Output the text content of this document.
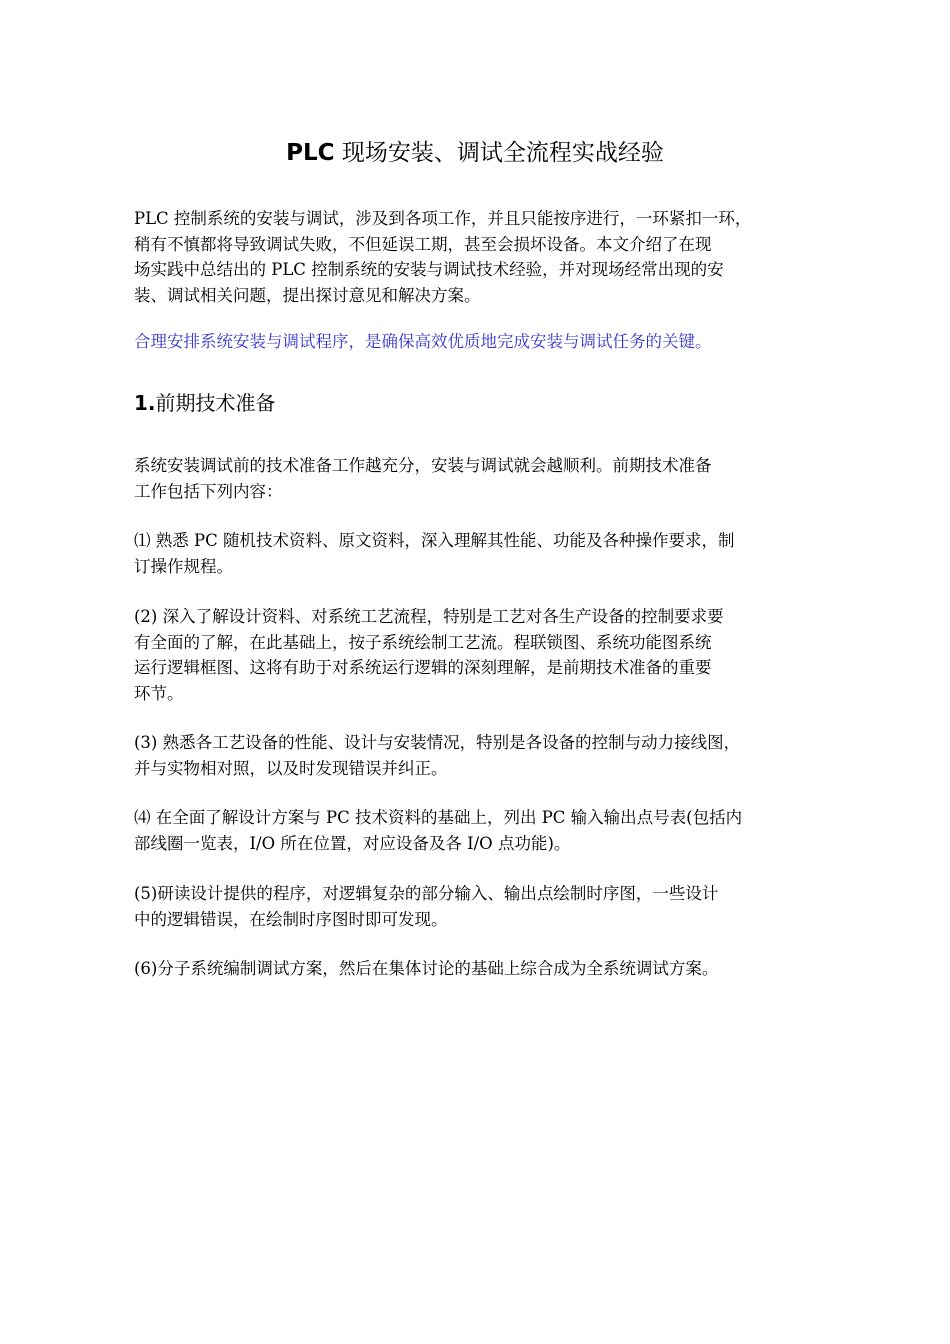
PLC 现场安装、调试全流程实战经验

PLC 控制系统的安装与调试，涉及到各项工作，并且只能按序进行，一环紧扣一环，
稍有不慎都将导致调试失败，不但延误工期，甚至会损坏设备。本文介绍了在现
场实践中总结出的 PLC 控制系统的安装与调试技术经验，并对现场经常出现的安
装、调试相关问题，提出探讨意见和解决方案。

合理安排系统安装与调试程序，是确保高效优质地完成安装与调试任务的关键。

1.前期技术准备

系统安装调试前的技术准备工作越充分，安装与调试就会越顺利。前期技术准备
工作包括下列内容：

⑴ 熟悉 PC 随机技术资料、原文资料，深入理解其性能、功能及各种操作要求，制
订操作规程。

(2) 深入了解设计资料、对系统工艺流程，特别是工艺对各生产设备的控制要求要
有全面的了解，在此基础上，按子系统绘制工艺流。程联锁图、系统功能图系统
运行逻辑框图、这将有助于对系统运行逻辑的深刻理解，是前期技术准备的重要
环节。

(3) 熟悉各工艺设备的性能、设计与安装情况，特别是各设备的控制与动力接线图，
并与实物相对照，以及时发现错误并纠正。

⑷ 在全面了解设计方案与 PC 技术资料的基础上，列出 PC 输入输出点号表(包括内
部线圈一览表，I/O 所在位置，对应设备及各 I/O 点功能)。

(5)研读设计提供的程序，对逻辑复杂的部分输入、输出点绘制时序图，一些设计
中的逻辑错误，在绘制时序图时即可发现。

(6)分子系统编制调试方案，然后在集体讨论的基础上综合成为全系统调试方案。
